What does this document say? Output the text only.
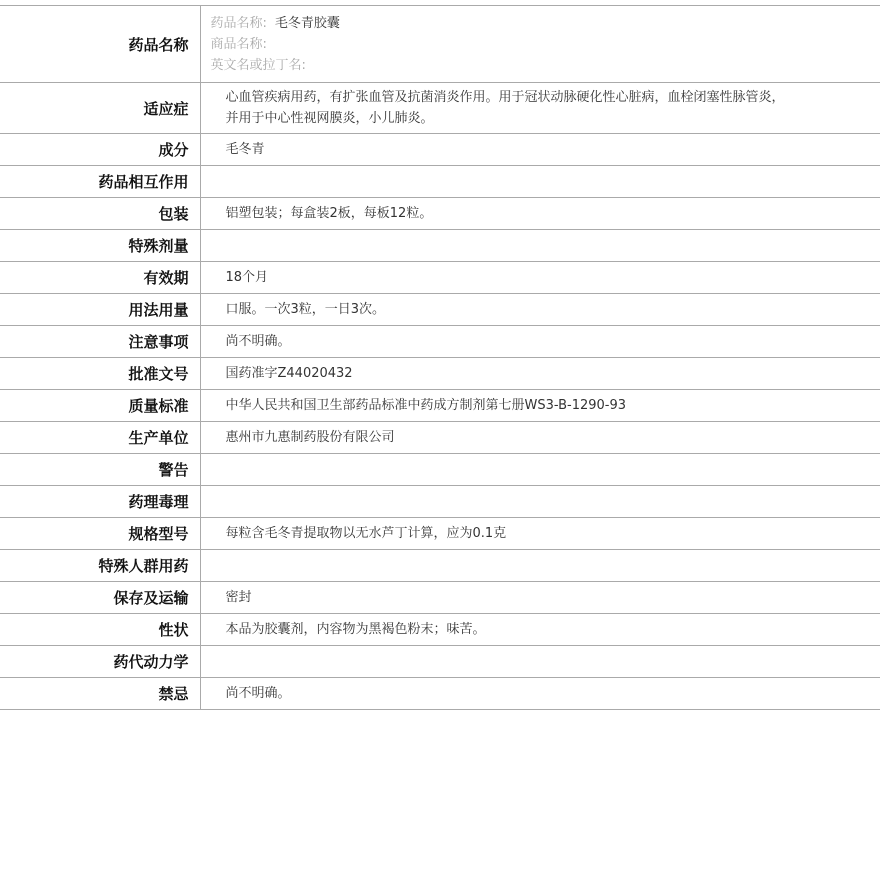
药品名称	药品名称: 毛冬青胶囊
商品名称:
英文名或拉丁名:

适应症	心血管疾病用药，有扩张血管及抗菌消炎作用。用于冠状动脉硬化性心脏病，血栓闭塞性脉管炎，并用于中心性视网膜炎，小儿肺炎。
成分	毛冬青
药品相互作用	
包装	铝塑包装；每盒装2板，每板12粒。
特殊剂量	
有效期	18个月
用法用量	口服。一次3粒，一日3次。
注意事项	尚不明确。
批准文号	国药准字Z44020432
质量标准	中华人民共和国卫生部药品标准中药成方制剂第七册WS3-B-1290-93
生产单位	惠州市九惠制药股份有限公司
警告	
药理毒理	
规格型号	每粒含毛冬青提取物以无水芦丁计算，应为0.1克
特殊人群用药	
保存及运输	密封
性状	本品为胶囊剂，内容物为黑褐色粉末；味苦。
药代动力学	
禁忌	尚不明确。
